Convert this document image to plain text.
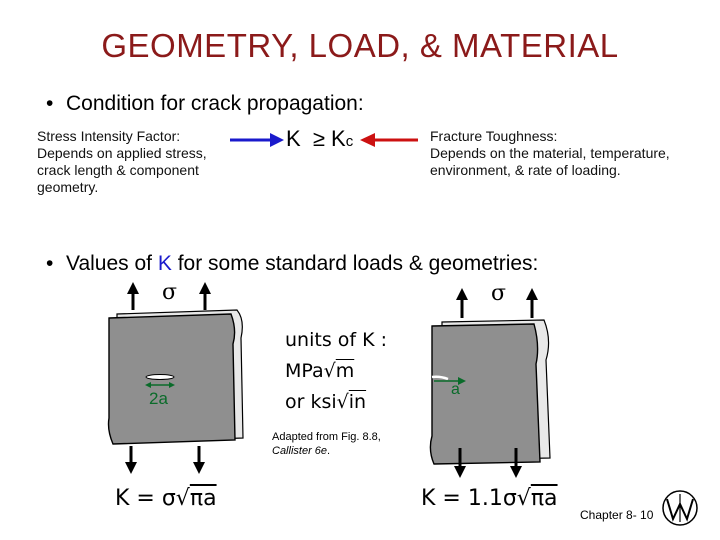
GEOMETRY, LOAD, & MATERIAL
• Condition for crack propagation:
Stress Intensity Factor:
Depends on applied stress,
crack length & component
geometry.
K ≥ Kc	Fracture Toughness:
Depends on the material, temperature,
environment, & rate of loading.
• Values of K for some standard loads & geometries:
σ
2a
σ
a
units of K :
MPa√m
or ksi√in
Adapted from Fig. 8.8,
Callister 6e.
K = σ√πa	K = 1.1σ√πa
Chapter 8- 10
